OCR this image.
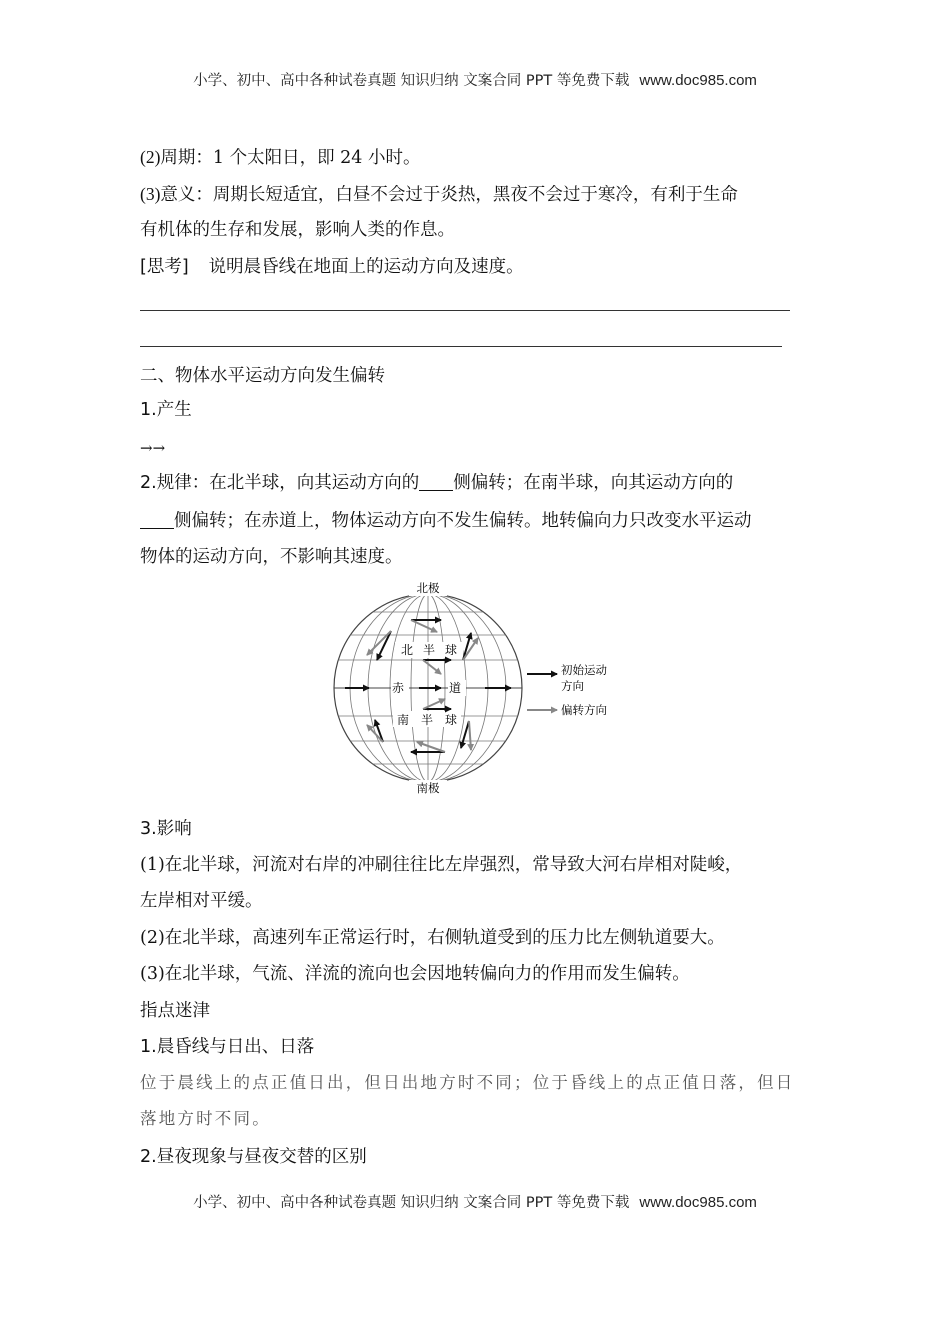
小学、初中、高中各种试卷真题 知识归纳 文案合同 PPT 等免费下载 www.doc985.com
(2)周期：1 个太阳日，即 24 小时。
(3)意义：周期长短适宜，白昼不会过于炎热，黑夜不会过于寒冷，有利于生命
有机体的生存和发展，影响人类的作息。
[思考] 说明晨昏线在地面上的运动方向及速度。
二、物体水平运动方向发生偏转
1.产生
→→
2.规律：在北半球，向其运动方向的 侧偏转；在南半球，向其运动方向的
侧偏转；在赤道上，物体运动方向不发生偏转。地转偏向力只改变水平运动
物体的运动方向，不影响其速度。
北极
南极
北 半 球
赤	道
南 半 球
初始运动
方向
偏转方向
3.影响
(1)在北半球，河流对右岸的冲刷往往比左岸强烈，常导致大河右岸相对陡峻，
左岸相对平缓。
(2)在北半球，高速列车正常运行时，右侧轨道受到的压力比左侧轨道要大。
(3)在北半球，气流、洋流的流向也会因地转偏向力的作用而发生偏转。
指点迷津
1.晨昏线与日出、日落
位于晨线上的点正值日出，但日出地方时不同；位于昏线上的点正值日落，但日
落地方时不同。
2.昼夜现象与昼夜交替的区别
小学、初中、高中各种试卷真题 知识归纳 文案合同 PPT 等免费下载 www.doc985.com
